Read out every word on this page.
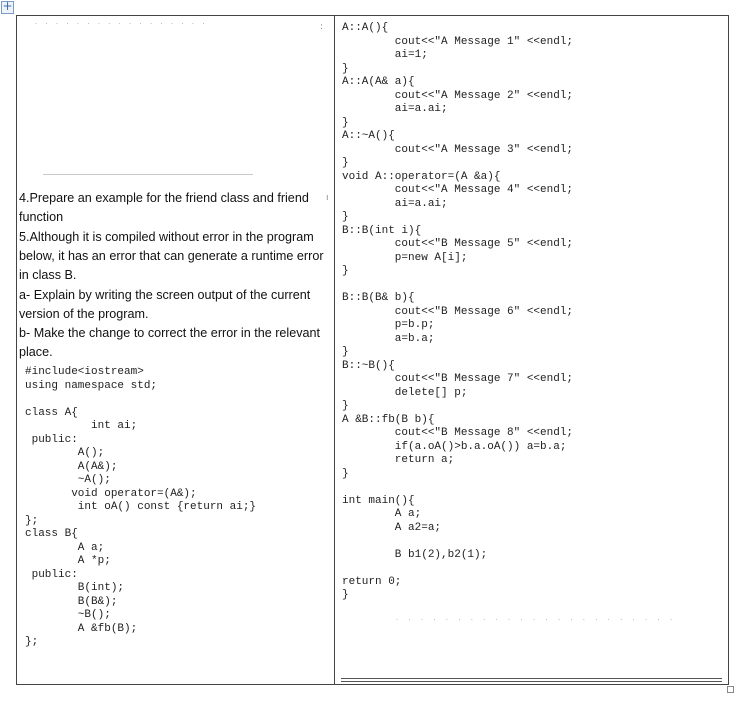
+
· · · · · · · · · · · · · · · · ·
4.Prepare an example for the friend class and friend function
5.Although it is compiled without error in the program below, it has an error that can generate a runtime error in class B.
a- Explain by writing the screen output of the current version of the program.
b- Make the change to correct the error in the relevant place.
#include<iostream>
using namespace std;

class A{
int ai;
public:
A();
A(A&);
~A();
void operator=(A&);
int oA() const {return ai;}
};
class B{
A a;
A *p;
public:
B(int);
B(B&);
~B();
A &fb(B);
};
A::A(){
cout<<"A Message 1" <<endl;
ai=1;
}
A::A(A& a){
cout<<"A Message 2" <<endl;
ai=a.ai;
}
A::~A(){
cout<<"A Message 3" <<endl;
}
void A::operator=(A &a){
cout<<"A Message 4" <<endl;
ai=a.ai;
}
B::B(int i){
cout<<"B Message 5" <<endl;
p=new A[i];
}

B::B(B& b){
cout<<"B Message 6" <<endl;
p=b.p;
a=b.a;
}
B::~B(){
cout<<"B Message 7" <<endl;
delete[] p;
}
A &B::fb(B b){
cout<<"B Message 8" <<endl;
if(a.oA()>b.a.oA()) a=b.a;
return a;
}

int main(){
A a;
A a2=a;

B b1(2),b2(1);

return 0;
}
· · · · · · · · · · · · · · · · · · · · · · ·
:
ı
